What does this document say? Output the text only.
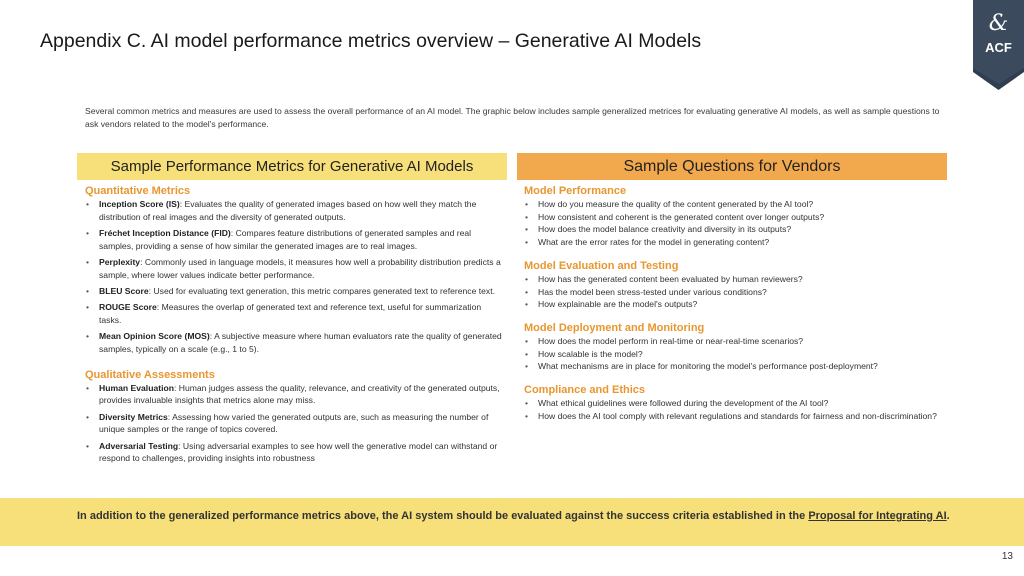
Appendix C. AI model performance metrics overview – Generative AI Models
&
ACF
Several common metrics and measures are used to assess the overall performance of an AI model. The graphic below includes sample generalized metrices for evaluating generative AI models, as well as sample questions to ask vendors related to the model's performance.
Sample Performance Metrics for Generative AI Models	Sample Questions for Vendors
Quantitative Metrics
• Inception Score (IS): Evaluates the quality of generated images based on how well they match the distribution of real images and the diversity of generated outputs.
• Fréchet Inception Distance (FID): Compares feature distributions of generated samples and real samples, providing a sense of how similar the generated images are to real images.
• Perplexity: Commonly used in language models, it measures how well a probability distribution predicts a sample, where lower values indicate better performance.
• BLEU Score: Used for evaluating text generation, this metric compares generated text to reference text.
• ROUGE Score: Measures the overlap of generated text and reference text, useful for summarization tasks.
• Mean Opinion Score (MOS): A subjective measure where human evaluators rate the quality of generated samples, typically on a scale (e.g., 1 to 5).
Qualitative Assessments
• Human Evaluation: Human judges assess the quality, relevance, and creativity of the generated outputs, provides invaluable insights that metrics alone may miss.
• Diversity Metrics: Assessing how varied the generated outputs are, such as measuring the number of unique samples or the range of topics covered.
• Adversarial Testing: Using adversarial examples to see how well the generative model can withstand or respond to challenges, providing insights into robustness
Model Performance
• How do you measure the quality of the content generated by the AI tool?
• How consistent and coherent is the generated content over longer outputs?
• How does the model balance creativity and diversity in its outputs?
• What are the error rates for the model in generating content?
Model Evaluation and Testing
• How has the generated content been evaluated by human reviewers?
• Has the model been stress-tested under various conditions?
• How explainable are the model's outputs?
Model Deployment and Monitoring
• How does the model perform in real-time or near-real-time scenarios?
• How scalable is the model?
• What mechanisms are in place for monitoring the model's performance post-deployment?
Compliance and Ethics
• What ethical guidelines were followed during the development of the AI tool?
• How does the AI tool comply with relevant regulations and standards for fairness and non-discrimination?
In addition to the generalized performance metrics above, the AI system should be evaluated against the success criteria established in the Proposal for Integrating AI.
13
